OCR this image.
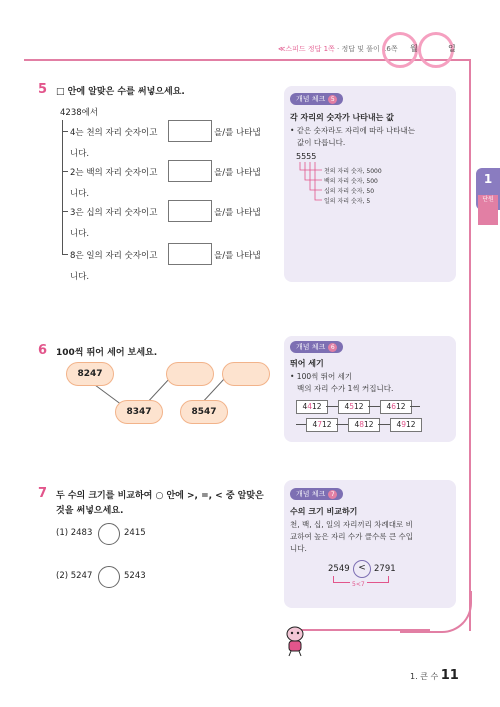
≪스피드 정답 1쪽 · 정답 및 풀이 16쪽 월	일
5 □ 안에 알맞은 수를 써넣으세요.
4238에서
4는 천의 자리 숫자이고	을/를 나타냅
니다.
2는 백의 자리 숫자이고	을/를 나타냅
니다.
3은 십의 자리 숫자이고	을/를 나타냅
니다.
8은 일의 자리 숫자이고	을/를 나타냅
니다.
개념 체크 5
각 자리의 숫자가 나타내는 값
• 같은 숫자라도 자리에 따라 나타내는
값이 다릅니다.
5555
천의 자리 숫자, 5000
백의 자리 숫자, 500
십의 자리 숫자, 50
일의 자리 숫자, 5
1
단원
6 100씩 뛰어 세어 보세요.
8247
8347	8547
개념 체크 6
뛰어 세기
• 100씩 뛰어 세기
백의 자리 수가 1씩 커집니다.
4412	4512	4612
4712	4812	4912
7 두 수의 크기를 비교하여 ○ 안에 >, =, < 중 알맞은
것을 써넣으세요.
(1) 2483	2415
(2) 5247	5243
개념 체크 7
수의 크기 비교하기
천, 백, 십, 일의 자리끼리 차례대로 비
교하여 높은 자리 수가 클수록 큰 수입
니다.
2549 < 2791
5<7
1. 큰 수 11
